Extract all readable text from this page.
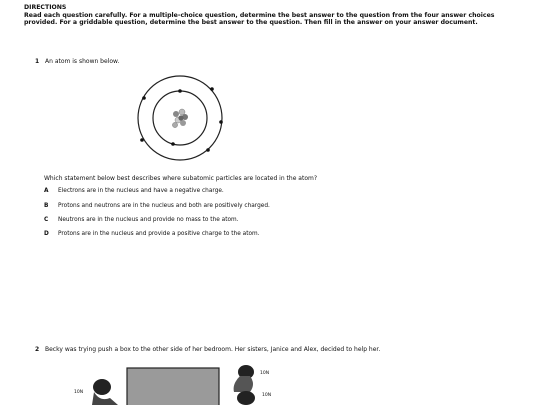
DIRECTIONS
Read each question carefully. For a multiple-choice question, determine the best answer to the question from the four answer choices provided. For a griddable question, determine the best answer to the question. Then fill in the answer on your answer document.
1 An atom is shown below.
Which statement below best describes where subatomic particles are located in the atom?
A Electrons are in the nucleus and have a negative charge.
B Protons and neutrons are in the nucleus and both are positively charged.
C Neutrons are in the nucleus and provide no mass to the atom.
D Protons are in the nucleus and provide a positive charge to the atom.
2 Becky was trying push a box to the other side of her bedroom. Her sisters, Janice and Alex, decided to help her.
10N
10N
10N
